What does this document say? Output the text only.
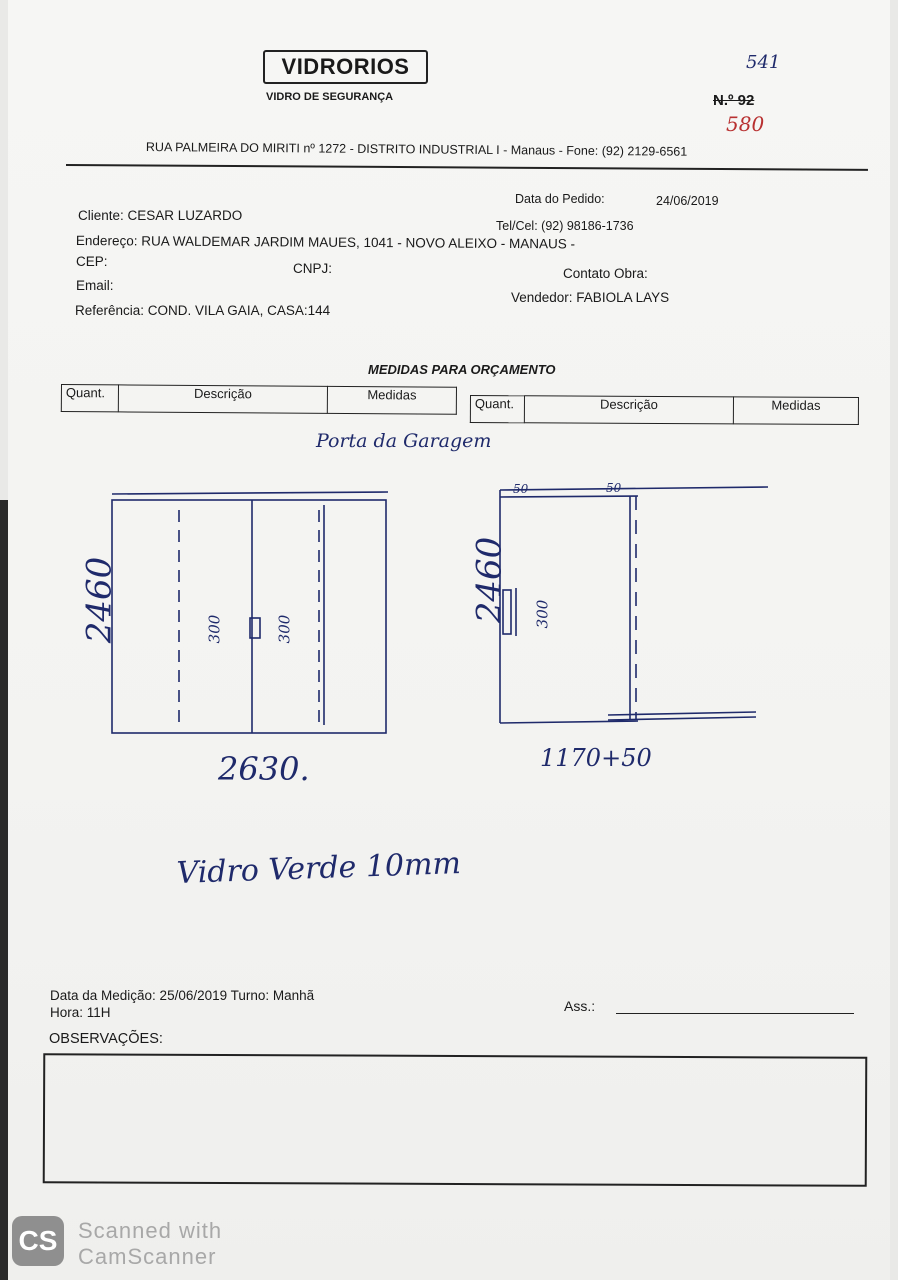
VIDRORIOS
VIDRO DE SEGURANÇA
541
N.º 92
580
RUA PALMEIRA DO MIRITI nº 1272 - DISTRITO INDUSTRIAL I - Manaus - Fone: (92) 2129-6561
Data do Pedido:	24/06/2019
Cliente: CESAR LUZARDO
Tel/Cel: (92) 98186-1736
Endereço: RUA WALDEMAR JARDIM MAUES, 1041 - NOVO ALEIXO - MANAUS -
CEP:	CNPJ:	Contato Obra:
Email:
Vendedor: FABIOLA LAYS
Referência: COND. VILA GAIA, CASA:144
MEDIDAS PARA ORÇAMENTO
Quant.	Descrição	Medidas
Quant.	Descrição	Medidas
Porta da Garagem
2460	300	300
2630.
2460 300
50	50
1170+50
Vidro Verde 10mm
Data da Medição: 25/06/2019 Turno: Manhã
Hora: 11H	Ass.:
OBSERVAÇÕES:
CS Scanned with
CamScanner
